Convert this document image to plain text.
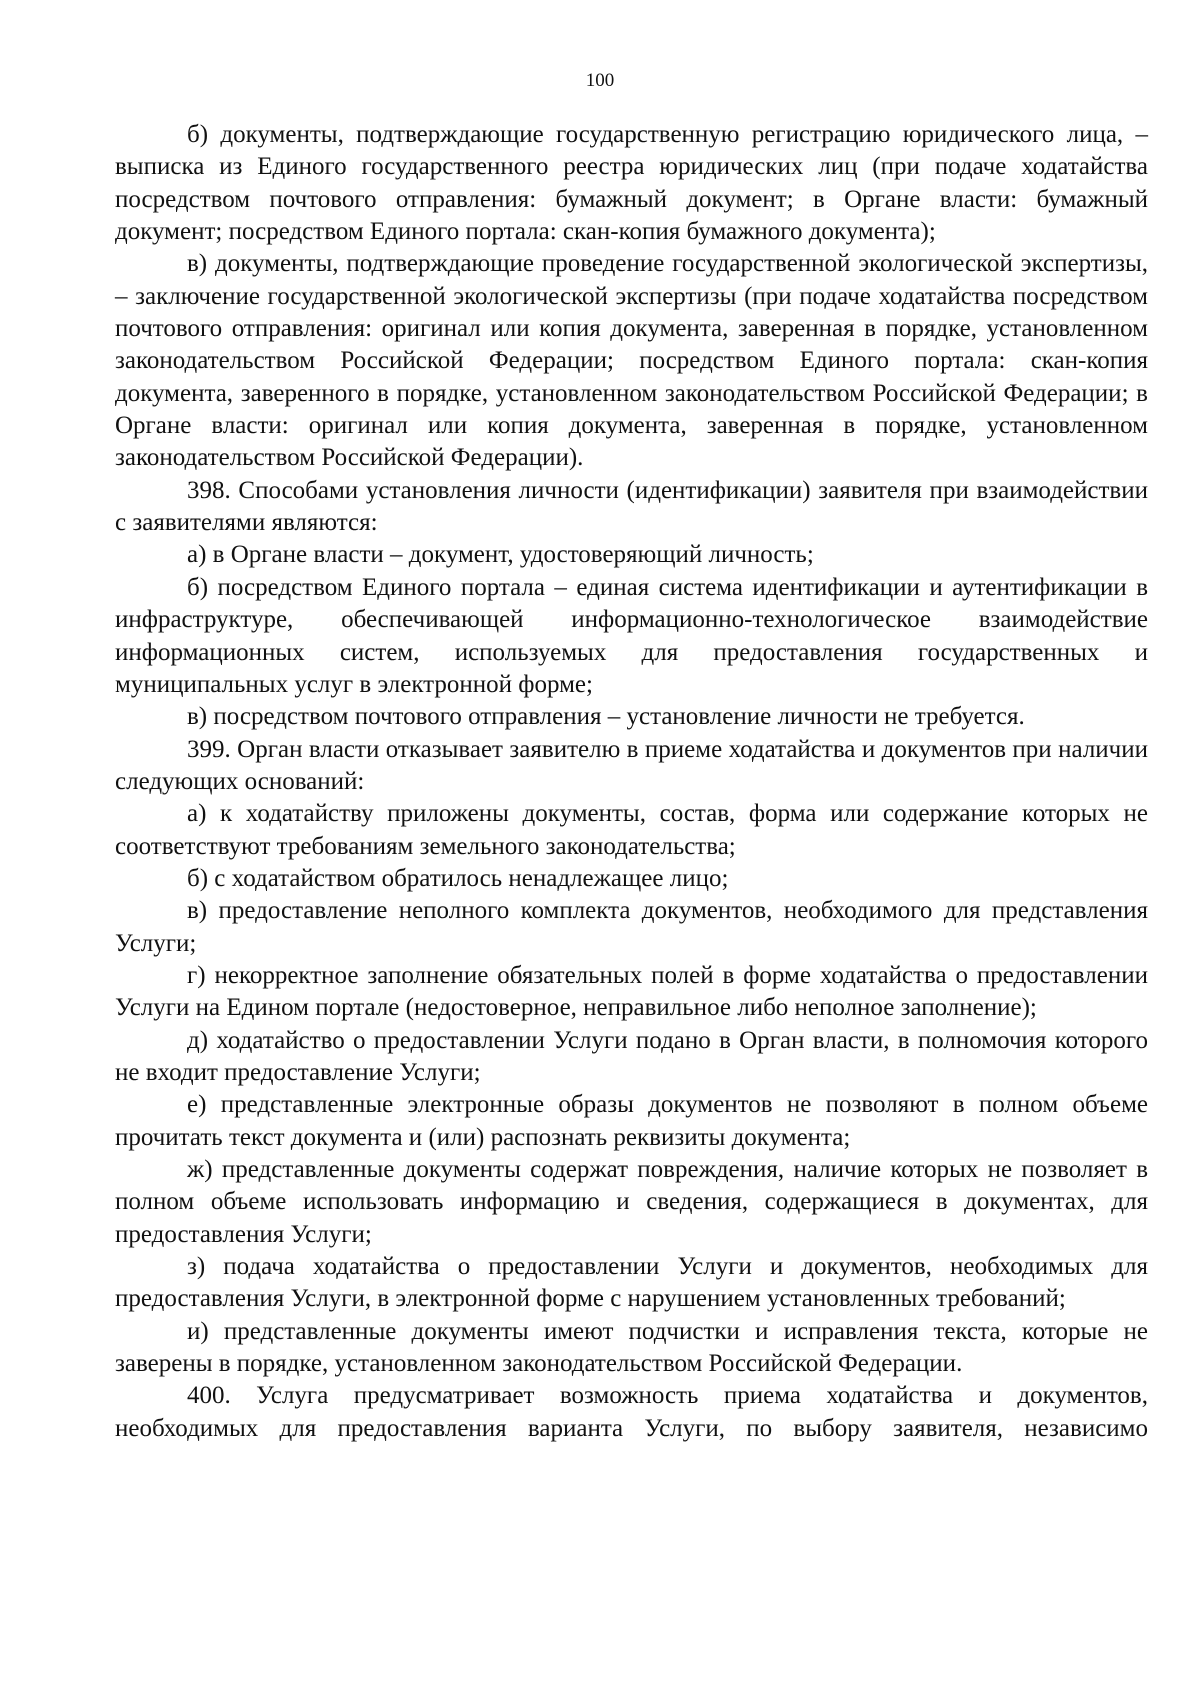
100

б) документы, подтверждающие государственную регистрацию юридического лица, – выписка из Единого государственного реестра юридических лиц (при подаче ходатайства посредством почтового отправления: бумажный документ; в Органе власти: бумажный документ; посредством Единого портала: скан-копия бумажного документа);

в) документы, подтверждающие проведение государственной экологической экспертизы, – заключение государственной экологической экспертизы (при подаче ходатайства посредством почтового отправления: оригинал или копия документа, заверенная в порядке, установленном законодательством Российской Федерации; посредством Единого портала: скан-копия документа, заверенного в порядке, установленном законодательством Российской Федерации; в Органе власти: оригинал или копия документа, заверенная в порядке, установленном законодательством Российской Федерации).

398. Способами установления личности (идентификации) заявителя при взаимодействии с заявителями являются:

а) в Органе власти – документ, удостоверяющий личность;

б) посредством Единого портала – единая система идентификации и аутентификации в инфраструктуре, обеспечивающей информационно-технологическое взаимодействие информационных систем, используемых для предоставления государственных и муниципальных услуг в электронной форме;

в) посредством почтового отправления – установление личности не требуется.

399. Орган власти отказывает заявителю в приеме ходатайства и документов при наличии следующих оснований:

а) к ходатайству приложены документы, состав, форма или содержание которых не соответствуют требованиям земельного законодательства;

б) с ходатайством обратилось ненадлежащее лицо;

в) предоставление неполного комплекта документов, необходимого для представления Услуги;

г) некорректное заполнение обязательных полей в форме ходатайства о предоставлении Услуги на Едином портале (недостоверное, неправильное либо неполное заполнение);

д) ходатайство о предоставлении Услуги подано в Орган власти, в полномочия которого не входит предоставление Услуги;

е) представленные электронные образы документов не позволяют в полном объеме прочитать текст документа и (или) распознать реквизиты документа;

ж) представленные документы содержат повреждения, наличие которых не позволяет в полном объеме использовать информацию и сведения, содержащиеся в документах, для предоставления Услуги;

з) подача ходатайства о предоставлении Услуги и документов, необходимых для предоставления Услуги, в электронной форме с нарушением установленных требований;

и) представленные документы имеют подчистки и исправления текста, которые не заверены в порядке, установленном законодательством Российской Федерации.

400. Услуга предусматривает возможность приема ходатайства и документов, необходимых для предоставления варианта Услуги, по выбору заявителя, независимо
